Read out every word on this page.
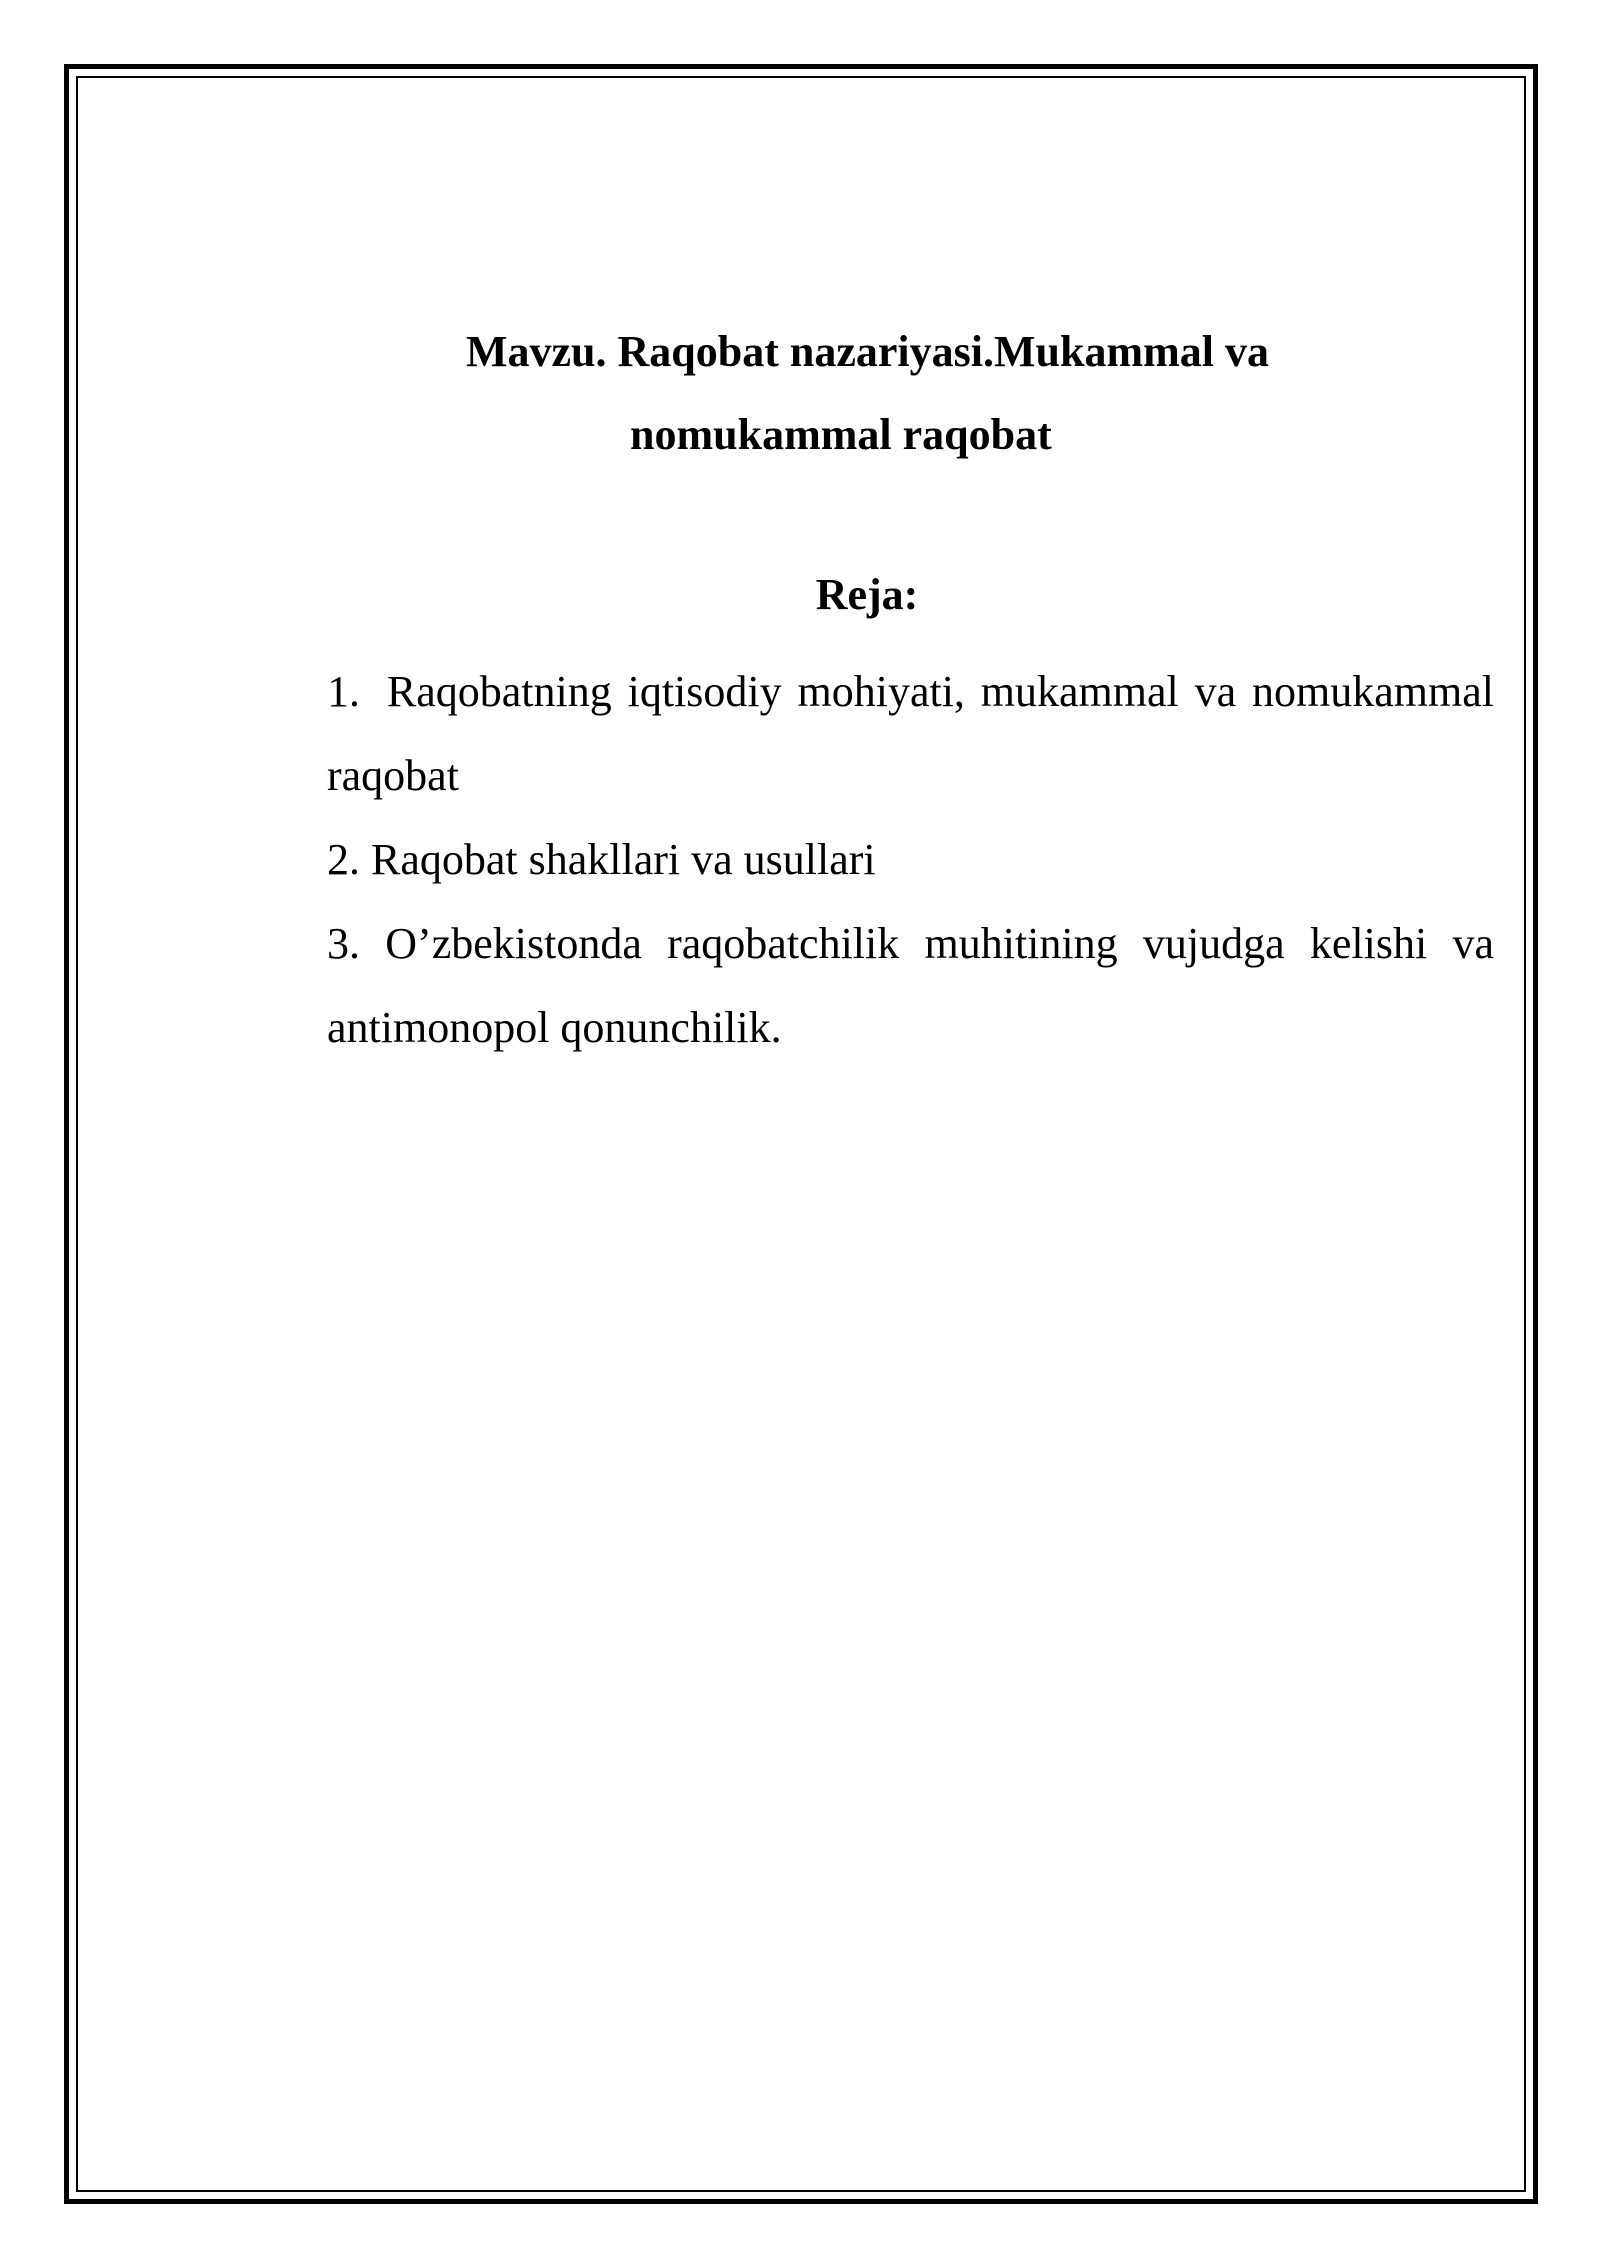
Mavzu. Raqobat nazariyasi.Mukammal va
nomukammal raqobat
Reja:

1. Raqobatning iqtisodiy mohiyati, mukammal va nomukammal raqobat

2. Raqobat shakllari va usullari

3. O’zbekistonda raqobatchilik muhitining vujudga kelishi va antimonopol qonunchilik.
